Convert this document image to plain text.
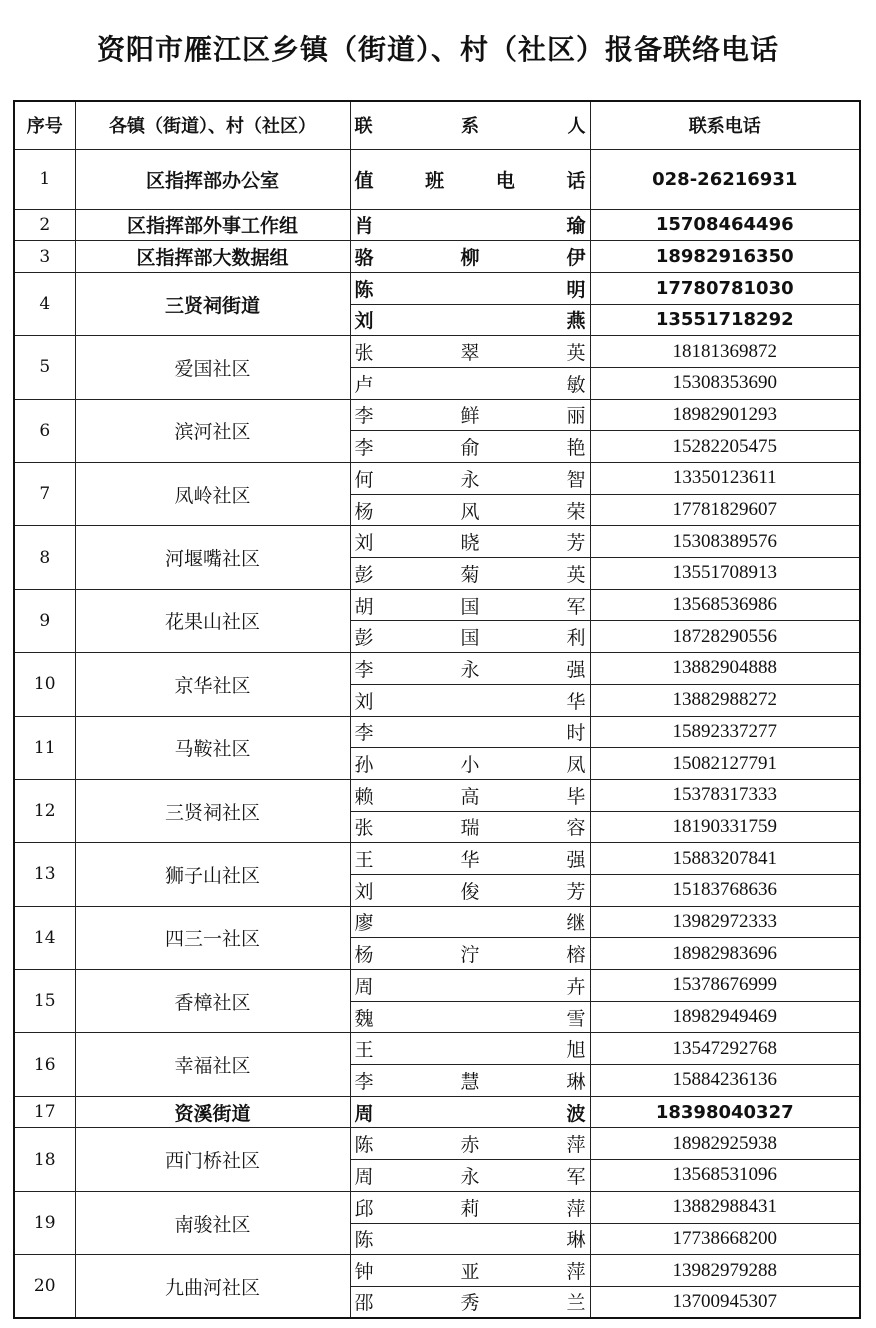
资阳市雁江区乡镇（街道）、村（社区）报备联络电话
序号	各镇（街道）、村（社区）	联 系 人	联系电话
1	区指挥部办公室	值 班 电 话	028-26216931
2	区指挥部外事工作组	肖 瑜	15708464496
3	区指挥部大数据组	骆 柳 伊	18982916350
4	三贤祠街道	陈 明	17780781030

		刘 燕	13551718292
5	爱国社区	张 翠 英	18181369872

		卢 敏	15308353690
6	滨河社区	李 鲜 丽	18982901293

		李 俞 艳	15282205475
7	凤岭社区	何 永 智	13350123611

		杨 风 荣	17781829607
8	河堰嘴社区	刘 晓 芳	15308389576

		彭 菊 英	13551708913
9	花果山社区	胡 国 军	13568536986

		彭 国 利	18728290556
10	京华社区	李 永 强	13882904888

		刘 华	13882988272
11	马鞍社区	李 时	15892337277

		孙 小 凤	15082127791
12	三贤祠社区	赖 高 毕	15378317333

		张 瑞 容	18190331759
13	狮子山社区	王 华 强	15883207841

		刘 俊 芳	15183768636
14	四三一社区	廖 继	13982972333

		杨 泞 榕	18982983696
15	香樟社区	周 卉	15378676999

		魏 雪	18982949469
16	幸福社区	王 旭	13547292768

		李 慧 琳	15884236136
17	资溪街道	周 波	18398040327
18	西门桥社区	陈 赤 萍	18982925938

		周 永 军	13568531096
19	南骏社区	邱 莉 萍	13882988431

		陈 琳	17738668200
20	九曲河社区	钟 亚 萍	13982979288

		邵 秀 兰	13700945307
